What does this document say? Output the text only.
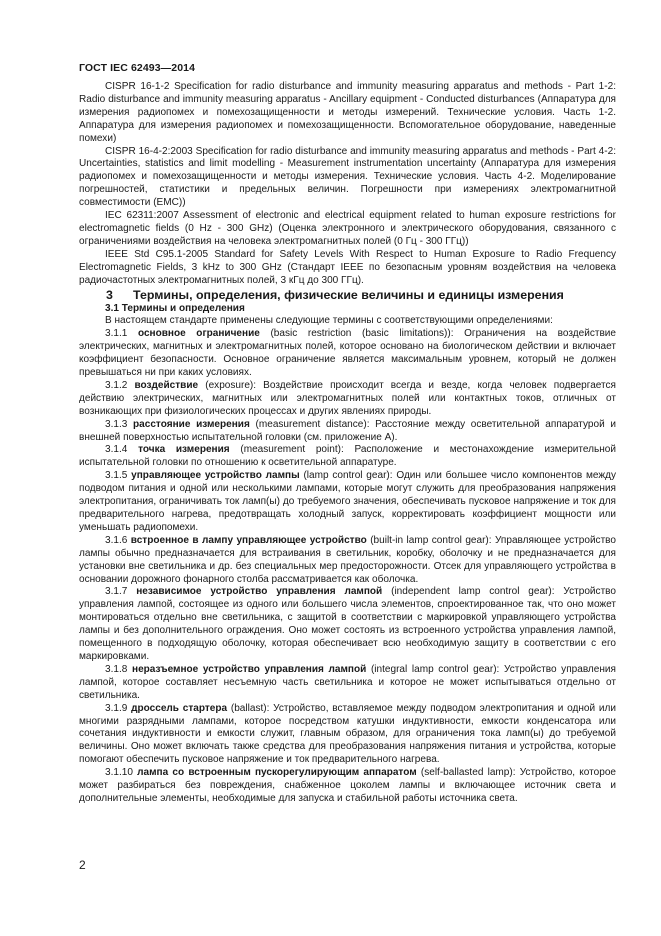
ГОСТ IEC 62493—2014

CISPR 16-1-2 Specification for radio disturbance and immunity measuring apparatus and methods - Part 1-2: Radio disturbance and immunity measuring apparatus - Ancillary equipment - Conducted disturbances (Аппаратура для измерения радиопомех и помехозащищенности и методы измерений. Технические условия. Часть 1-2. Аппаратура для измерения радиопомех и помехозащищенности. Вспомогательное оборудование, наведенные помехи)

CISPR 16-4-2:2003 Specification for radio disturbance and immunity measuring apparatus and methods - Part 4-2: Uncertainties, statistics and limit modelling - Measurement instrumentation uncertainty (Аппаратура для измерения радиопомех и помехозащищенности и методы измерения. Технические условия. Часть 4-2. Моделирование погрешностей, статистики и предельных величин. Погрешности при измерениях электромагнитной совместимости (EMC))

IEC 62311:2007 Assessment of electronic and electrical equipment related to human exposure restrictions for electromagnetic fields (0 Hz - 300 GHz) (Оценка электронного и электрического оборудования, связанного с ограничениями воздействия на человека электромагнитных полей (0 Гц - 300 ГГц))

IEEE Std C95.1-2005 Standard for Safety Levels With Respect to Human Exposure to Radio Frequency Electromagnetic Fields, 3 kHz to 300 GHz (Стандарт IEEE по безопасным уровням воздействия на человека радиочастотных электромагнитных полей, 3 кГц до 300 ГГц).

3 Термины, определения, физические величины и единицы измерения

3.1 Термины и определения

В настоящем стандарте применены следующие термины с соответствующими определениями:

3.1.1 основное ограничение (basic restriction (basic limitations)): Ограничения на воздействие электрических, магнитных и электромагнитных полей, которое основано на биологическом действии и включает коэффициент безопасности. Основное ограничение является максимальным уровнем, который не должен превышаться ни при каких условиях.

3.1.2 воздействие (exposure): Воздействие происходит всегда и везде, когда человек подвергается действию электрических, магнитных или электромагнитных полей или контактных токов, отличных от возникающих при физиологических процессах и других явлениях природы.

3.1.3 расстояние измерения (measurement distance): Расстояние между осветительной аппаратурой и внешней поверхностью испытательной головки (см. приложение А).

3.1.4 точка измерения (measurement point): Расположение и местонахождение измерительной испытательной головки по отношению к осветительной аппаратуре.

3.1.5 управляющее устройство лампы (lamp control gear): Один или большее число компонентов между подводом питания и одной или несколькими лампами, которые могут служить для преобразования напряжения электропитания, ограничивать ток ламп(ы) до требуемого значения, обеспечивать пусковое напряжение и ток для предварительного нагрева, предотвращать холодный запуск, корректировать коэффициент мощности или уменьшать радиопомехи.

3.1.6 встроенное в лампу управляющее устройство (built-in lamp control gear): Управляющее устройство лампы обычно предназначается для встраивания в светильник, коробку, оболочку и не предназначается для установки вне светильника и др. без специальных мер предосторожности. Отсек для управляющего устройства в основании дорожного фонарного столба рассматривается как оболочка.

3.1.7 независимое устройство управления лампой (independent lamp control gear): Устройство управления лампой, состоящее из одного или большего числа элементов, спроектированное так, что оно может монтироваться отдельно вне светильника, с защитой в соответствии с маркировкой управляющего устройства лампы и без дополнительного ограждения. Оно может состоять из встроенного устройства управления лампой, помещенного в подходящую оболочку, которая обеспечивает всю необходимую защиту в соответствии с его маркировками.

3.1.8 неразъемное устройство управления лампой (integral lamp control gear): Устройство управления лампой, которое составляет несъемную часть светильника и которое не может испытываться отдельно от светильника.

3.1.9 дроссель стартера (ballast): Устройство, вставляемое между подводом электропитания и одной или многими разрядными лампами, которое посредством катушки индуктивности, емкости конденсатора или сочетания индуктивности и емкости служит, главным образом, для ограничения тока ламп(ы) до требуемой величины. Оно может включать также средства для преобразования напряжения питания и устройства, которые помогают обеспечить пусковое напряжение и ток предварительного нагрева.

3.1.10 лампа со встроенным пускорегулирующим аппаратом (self-ballasted lamp): Устройство, которое может разбираться без повреждения, снабженное цоколем лампы и включающее источник света и дополнительные элементы, необходимые для запуска и стабильной работы источника света.

2
